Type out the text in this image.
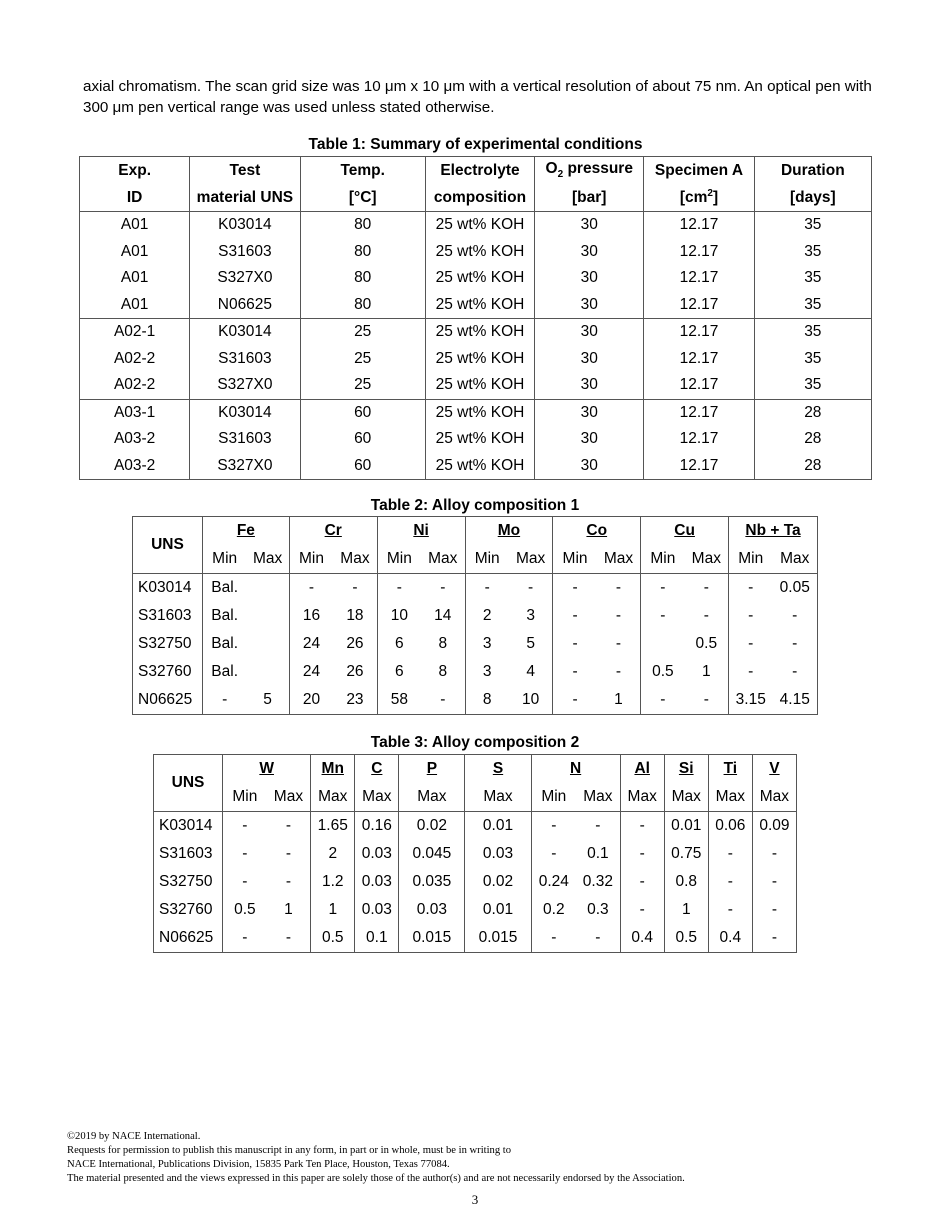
axial chromatism. The scan grid size was 10 μm x 10 μm with a vertical resolution of about 75 nm. An optical pen with 300 μm pen vertical range was used unless stated otherwise.

Table 1: Summary of experimental conditions
Exp.	Test	Temp.	Electrolyte	$O_2$ pressure	Specimen A	Duration
ID	material UNS	[°C]	composition	[bar]	$[cm^2]$	[days]
A01	K03014	80	25 wt% KOH	30	12.17	35
A01	S31603	80	25 wt% KOH	30	12.17	35
A01	S327X0	80	25 wt% KOH	30	12.17	35
A01	N06625	80	25 wt% KOH	30	12.17	35
A02-1	K03014	25	25 wt% KOH	30	12.17	35
A02-2	S31603	25	25 wt% KOH	30	12.17	35
A02-2	S327X0	25	25 wt% KOH	30	12.17	35
A03-1	K03014	60	25 wt% KOH	30	12.17	28
A03-2	S31603	60	25 wt% KOH	30	12.17	28
A03-2	S327X0	60	25 wt% KOH	30	12.17	28
Table 2: Alloy composition 1
UNS	Fe		Cr		Ni		Mo		Co		Cu		Nb + Ta	
	Min	Max	Min	Max	Min	Max	Min	Max	Min	Max	Min	Max	Min	Max
K03014	Bal.		-	-	-	-	-	-	-	-	-	-	-	0.05
S31603	Bal.		16	18	10	14	2	3	-	-	-	-	-	-
S32750	Bal.		24	26	6	8	3	5	-	-		0.5	-	-
S32760	Bal.		24	26	6	8	3	4	-	-	0.5	1	-	-
N06625	-	5	20	23	58	-	8	10	-	1	-	-	3.15	4.15
Table 3: Alloy composition 2
UNS	W		Mn	C	P	S	N		Al	Si	Ti	V
	Min	Max	Max	Max	Max	Max	Min	Max	Max	Max	Max	Max
K03014	-	-	1.65	0.16	0.02	0.01	-	-	-	0.01	0.06	0.09
S31603	-	-	2	0.03	0.045	0.03	-	0.1	-	0.75	-	-
S32750	-	-	1.2	0.03	0.035	0.02	0.24	0.32	-	0.8	-	-
S32760	0.5	1	1	0.03	0.03	0.01	0.2	0.3	-	1	-	-
N06625	-	-	0.5	0.1	0.015	0.015	-	-	0.4	0.5	0.4	-
©2019 by NACE International.
Requests for permission to publish this manuscript in any form, in part or in whole, must be in writing to
NACE International, Publications Division, 15835 Park Ten Place, Houston, Texas 77084.
The material presented and the views expressed in this paper are solely those of the author(s) and are not necessarily endorsed by the Association.
3
